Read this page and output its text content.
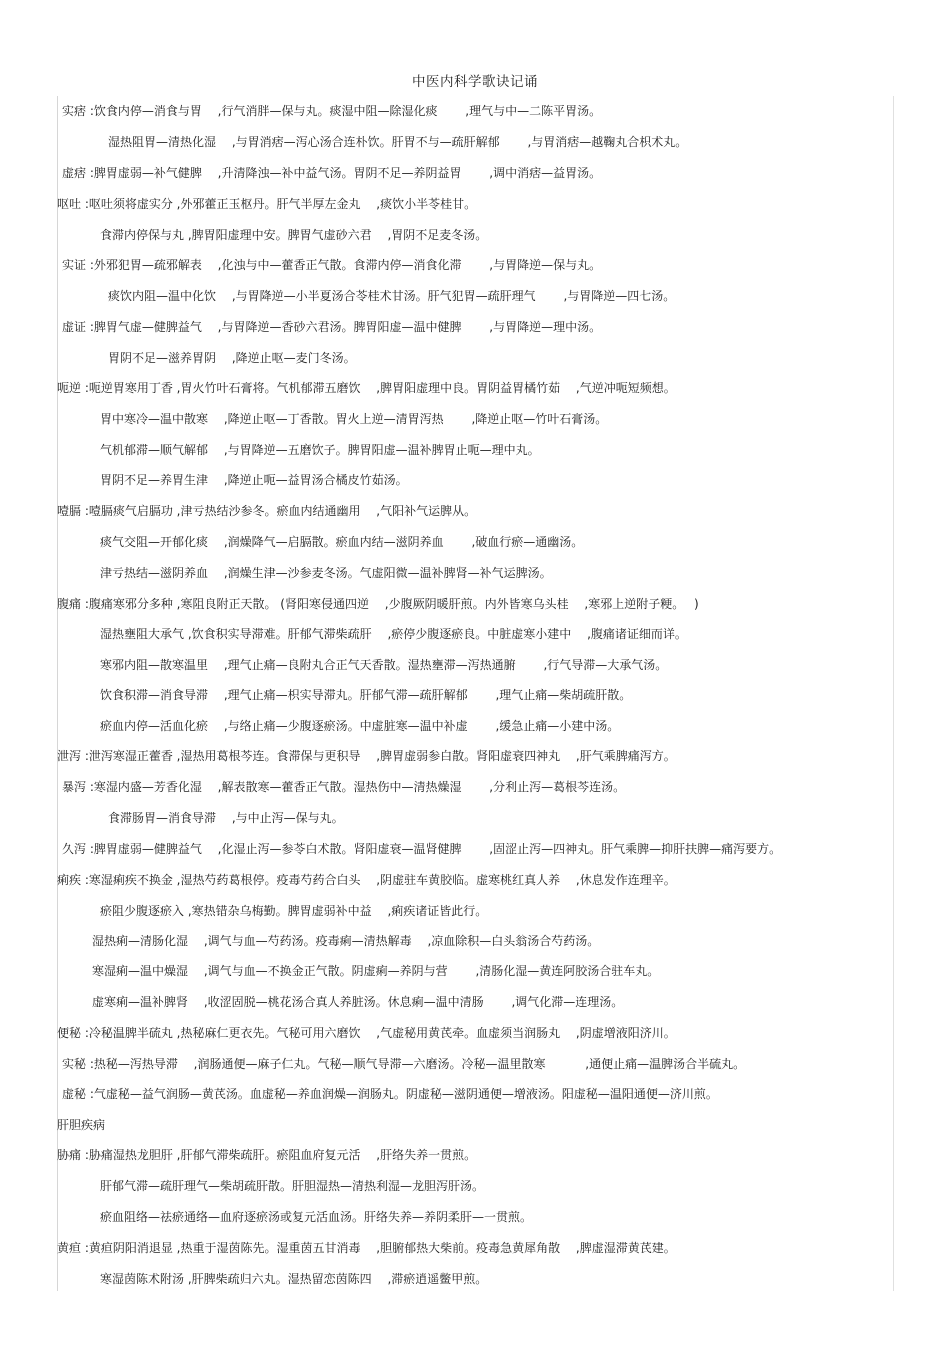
中医内科学歌诀记诵
实痞 :饮食内停—消食与胃　 ,行气消胖—保与丸。痰湿中阻—除湿化痰　　 ,理气与中—二陈平胃汤。
湿热阻胃—清热化湿　 ,与胃消痞—泻心汤合连朴饮。肝胃不与—疏肝解郁　　 ,与胃消痞—越鞠丸合枳术丸。
虚痞 :脾胃虚弱—补气健脾　 ,升清降浊—补中益气汤。胃阴不足—养阴益胃　　 ,调中消痞—益胃汤。
呕吐 :呕吐须将虚实分 ,外邪藿正玉枢丹。肝气半厚左金丸　 ,痰饮小半苓桂甘。
食滞内停保与丸 ,脾胃阳虚理中安。脾胃气虚砂六君　 ,胃阴不足麦冬汤。
实证 :外邪犯胃—疏邪解表　 ,化浊与中—藿香正气散。食滞内停—消食化滞　　 ,与胃降逆—保与丸。
痰饮内阻—温中化饮　 ,与胃降逆—小半夏汤合苓桂术甘汤。肝气犯胃—疏肝理气　　 ,与胃降逆—四七汤。
虚证 :脾胃气虚—健脾益气　 ,与胃降逆—香砂六君汤。脾胃阳虚—温中健脾　　 ,与胃降逆—理中汤。
胃阴不足—滋养胃阴　 ,降逆止呕—麦门冬汤。
呃逆 :呃逆胃寒用丁香 ,胃火竹叶石膏将。气机郁滞五磨饮　 ,脾胃阳虚理中良。胃阴益胃橘竹茹　 ,气逆冲呃短频想。
胃中寒冷—温中散寒　 ,降逆止呕—丁香散。胃火上逆—清胃泻热　　 ,降逆止呕—竹叶石膏汤。
气机郁滞—顺气解郁　 ,与胃降逆—五磨饮子。脾胃阳虚—温补脾胃止呃—理中丸。
胃阴不足—养胃生津　 ,降逆止呃—益胃汤合橘皮竹茹汤。
噎膈 :噎膈痰气启膈功 ,津亏热结沙参冬。瘀血内结通幽用　 ,气阳补气运脾从。
痰气交阻—开郁化痰　 ,润燥降气—启膈散。瘀血内结—滋阴养血　　 ,破血行瘀—通幽汤。
津亏热结—滋阴养血　 ,润燥生津—沙参麦冬汤。气虚阳微—温补脾肾—补气运脾汤。
腹痛 :腹痛寒邪分多种 ,寒阻良附正天散。 (肾阳寒侵通四逆　 ,少腹厥阴暖肝煎。内外皆寒乌头桂　 ,寒邪上逆附子粳。　 )
湿热壅阻大承气 ,饮食积实导滞难。肝郁气滞柴疏肝　 ,瘀停少腹逐瘀良。中脏虚寒小建中　 ,腹痛诸证细而详。
寒邪内阻—散寒温里　 ,理气止痛—良附丸合正气天香散。湿热壅滞—泻热通腑　　 ,行气导滞—大承气汤。
饮食积滞—消食导滞　 ,理气止痛—枳实导滞丸。肝郁气滞—疏肝解郁　　 ,理气止痛—柴胡疏肝散。
瘀血内停—活血化瘀　 ,与络止痛—少腹逐瘀汤。中虚脏寒—温中补虚　　 ,缓急止痛—小建中汤。
泄泻 :泄泻寒湿正藿香 ,湿热用葛根芩连。食滞保与更积导　 ,脾胃虚弱参白散。肾阳虚衰四神丸　 ,肝气乘脾痛泻方。
暴泻 :寒湿内盛—芳香化湿　 ,解表散寒—藿香正气散。湿热伤中—清热燥湿　　 ,分利止泻—葛根芩连汤。
食滞肠胃—消食导滞　 ,与中止泻—保与丸。
久泻 :脾胃虚弱—健脾益气　 ,化湿止泻—参苓白术散。肾阳虚衰—温肾健脾　　 ,固涩止泻—四神丸。肝气乘脾—抑肝扶脾—痛泻要方。
痢疾 :寒湿痢疾不换金 ,湿热芍药葛根停。疫毒芍药合白头　 ,阴虚驻车黄胶临。虚寒桃红真人养　 ,休息发作连理辛。
瘀阻少腹逐瘀入 ,寒热错杂乌梅勤。脾胃虚弱补中益　 ,痢疾诸证皆此行。
湿热痢—清肠化湿　 ,调气与血—芍药汤。疫毒痢—清热解毒　 ,凉血除积—白头翁汤合芍药汤。
寒湿痢—温中燥湿　 ,调气与血—不换金正气散。阴虚痢—养阴与营　　 ,清肠化湿—黄连阿胶汤合驻车丸。
虚寒痢—温补脾肾　 ,收涩固脱—桃花汤合真人养脏汤。休息痢—温中清肠　　 ,调气化滞—连理汤。
便秘 :冷秘温脾半硫丸 ,热秘麻仁更衣先。气秘可用六磨饮　 ,气虚秘用黄芪牵。血虚须当润肠丸　 ,阴虚增液阳济川。
实秘 :热秘—泻热导滞　 ,润肠通便—麻子仁丸。气秘—顺气导滞—六磨汤。冷秘—温里散寒　　　 ,通便止痛—温脾汤合半硫丸。
虚秘 :气虚秘—益气润肠—黄芪汤。血虚秘—养血润燥—润肠丸。阴虚秘—滋阴通便—增液汤。阳虚秘—温阳通便—济川煎。
肝胆疾病
胁痛 :胁痛湿热龙胆肝 ,肝郁气滞柴疏肝。瘀阻血府复元活　 ,肝络失养一贯煎。
肝郁气滞—疏肝理气—柴胡疏肝散。肝胆湿热—清热利湿—龙胆泻肝汤。
瘀血阻络—祛瘀通络—血府逐瘀汤或复元活血汤。肝络失养—养阴柔肝—一贯煎。
黄疸 :黄疸阴阳消退显 ,热重于湿茵陈先。湿重茵五甘消毒　 ,胆腑郁热大柴前。疫毒急黄犀角散　 ,脾虚湿滞黄芪建。
寒湿茵陈术附汤 ,肝脾柴疏归六丸。湿热留恋茵陈四　 ,滞瘀逍遥鳖甲煎。
